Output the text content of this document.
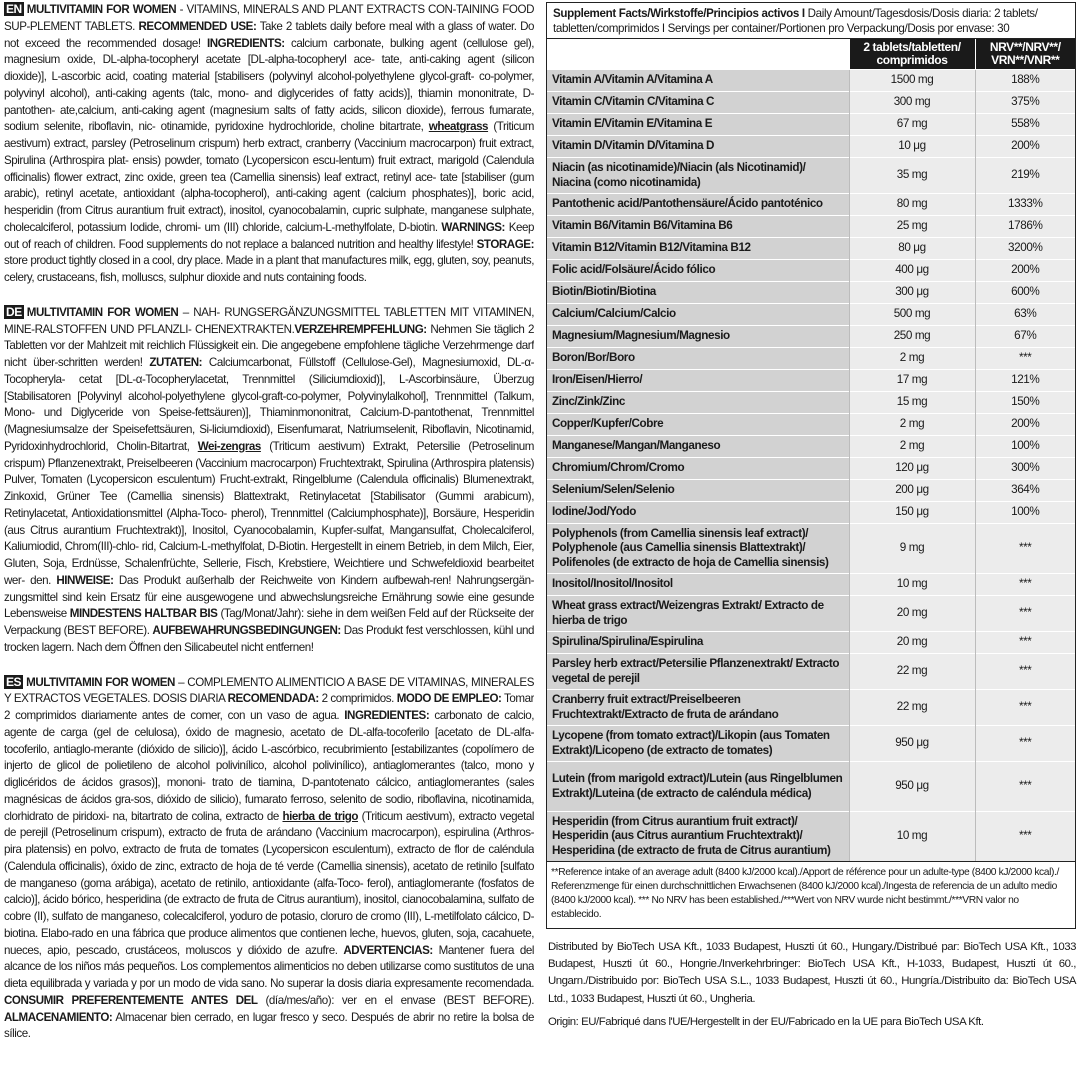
EN MULTIVITAMIN FOR WOMEN - VITAMINS, MINERALS AND PLANT EXTRACTS CON-TAINING FOOD SUP-PLEMENT TABLETS. RECOMMENDED USE: Take 2 tablets daily before meal with a glass of water. Do not exceed the recommended dosage! INGREDIENTS: calcium carbonate, bulking agent (cellulose gel), magnesium oxide, DL-alpha-tocopheryl acetate [DL-alpha-tocopheryl ace- tate, anti-caking agent (silicon dioxide)], L-ascorbic acid, coating material [stabilisers (polyvinyl alcohol-polyethylene glycol-graft- co-polymer, polyvinyl alcohol), anti-caking agents (talc, mono- and diglycerides of fatty acids)], thiamin mononitrate, D-pantothen- ate,calcium, anti-caking agent (magnesium salts of fatty acids, silicon dioxide), ferrous fumarate, sodium selenite, riboflavin, nic- otinamide, pyridoxine hydrochloride, choline bitartrate, wheatgrass (Triticum aestivum) extract, parsley (Petroselinum crispum) herb extract, cranberry (Vaccinium macrocarpon) fruit extract, Spirulina (Arthrospira plat- ensis) powder, tomato (Lycopersicon escu-lentum) fruit extract, marigold (Calendula officinalis) flower extract, zinc oxide, green tea (Camellia sinensis) leaf extract, retinyl ace- tate [stabiliser (gum arabic), retinyl acetate, antioxidant (alpha-tocopherol), anti-caking agent (calcium phosphates)], boric acid, hesperidin (from Citrus aurantium fruit extract), inositol, cyanocobalamin, cupric sulphate, manganese sulphate, cholecalciferol, potassium Iodide, chromi- um (III) chloride, calcium-L-methylfolate, D-biotin. WARNINGS: Keep out of reach of children. Food supplements do not replace a balanced nutrition and healthy lifestyle! STORAGE: store product tightly closed in a cool, dry place. Made in a plant that manufactures milk, egg, gluten, soy, peanuts, celery, crustaceans, fish, molluscs, sulphur dioxide and nuts containing foods.

DE MULTIVITAMIN FOR WOMEN – NAH- RUNGSERGÄNZUNGSMITTEL TABLETTEN MIT VITAMINEN, MINE-RALSTOFFEN UND PFLANZLI- CHENEXTRAKTEN.VERZEHREMPFEHLUNG: Nehmen Sie täglich 2 Tabletten vor der Mahlzeit mit reichlich Flüssigkeit ein. Die angegebene empfohlene tägliche Verzehrmenge darf nicht über-schritten werden! ZUTATEN: Calciumcarbonat, Füllstoff (Cellulose-Gel), Magnesiumoxid, DL-α-Tocopheryla- cetat [DL-α-Tocopherylacetat, Trennmittel (Siliciumdioxid)], L-Ascorbinsäure, Überzug [Stabilisatoren [Polyvinyl alcohol-polyethylene glycol-graft-co-polymer, Polyvinylalkohol], Trennmittel (Talkum, Mono- und Diglyceride von Speise-fettsäuren)], Thiaminmononitrat, Calcium-D-pantothenat, Trennmittel (Magnesiumsalze der Speisefettsäuren, Si-liciumdioxid), Eisenfumarat, Natriumselenit, Riboflavin, Nicotinamid, Pyridoxinhydrochlorid, Cholin-Bitartrat, Wei-zengras (Triticum aestivum) Extrakt, Petersilie (Petroselinum crispum) Pflanzenextrakt, Preiselbeeren (Vaccinium macrocarpon) Fruchtextrakt, Spirulina (Arthrospira platensis) Pulver, Tomaten (Lycopersicon esculentum) Frucht-extrakt, Ringelblume (Calendula officinalis) Blumenextrakt, Zinkoxid, Grüner Tee (Camellia sinensis) Blattextrakt, Retinylacetat [Stabilisator (Gummi arabicum), Retinylacetat, Antioxidationsmittel (Alpha-Toco- pherol), Trennmittel (Calciumphosphate)], Borsäure, Hesperidin (aus Citrus aurantium Fruchtextrakt)], Inositol, Cyanocobalamin, Kupfer-sulfat, Mangansulfat, Cholecalciferol, Kaliumiodid, Chrom(III)-chlo- rid, Calcium-L-methylfolat, D-Biotin. Hergestellt in einem Betrieb, in dem Milch, Eier, Gluten, Soja, Erdnüsse, Schalenfrüchte, Sellerie, Fisch, Krebstiere, Weichtiere und Schwefeldioxid bearbeitet wer- den. HINWEISE: Das Produkt außerhalb der Reichweite von Kindern aufbewah-ren! Nahrungsergän- zungsmittel sind kein Ersatz für eine ausgewogene und abwechslungsreiche Ernährung sowie eine gesunde Lebensweise MINDESTENS HALTBAR BIS (Tag/Monat/Jahr): siehe in dem weißen Feld auf der Rückseite der Verpackung (BEST BEFORE). AUFBEWAHRUNGSBEDINGUNGEN: Das Produkt fest verschlossen, kühl und trocken lagern. Nach dem Öffnen den Silicabeutel nicht entfernen!

ES MULTIVITAMIN FOR WOMEN – COMPLEMENTO ALIMENTICIO A BASE DE VITAMINAS, MINERALES Y EXTRACTOS VEGETALES. DOSIS DIARIA RECOMENDADA: 2 comprimidos. MODO DE EMPLEO: Tomar 2 comprimidos diariamente antes de comer, con un vaso de agua. INGREDIENTES: carbonato de calcio, agente de carga (gel de celulosa), óxido de magnesio, acetato de DL-alfa-tocoferilo [acetato de DL-alfa-tocoferilo, antiaglo-merante (dióxido de silicio)], ácido L-ascórbico, recubrimiento [estabilizantes (copolímero de injerto de glicol de polietileno de alcohol polivinílico, alcohol polivinílico), antiaglomerantes (talco, mono y diglicéridos de ácidos grasos)], mononi- trato de tiamina, D-pantotenato cálcico, antiaglomerantes (sales magnésicas de ácidos gra-sos, dióxido de silicio), fumarato ferroso, selenito de sodio, riboflavina, nicotinamida, clorhidrato de piridoxi- na, bitartrato de colina, extracto de hierba de trigo (Triticum aestivum), extracto vegetal de perejil (Petroselinum crispum), extracto de fruta de arándano (Vaccinium macrocarpon), espirulina (Arthros- pira platensis) en polvo, extracto de fruta de tomates (Lycopersicon esculentum), extracto de flor de caléndula (Calendula officinalis), óxido de zinc, extracto de hoja de té verde (Camellia sinensis), acetato de retinilo [sulfato de manganeso (goma arábiga), acetato de retinilo, antioxidante (alfa-Toco- ferol), antiaglomerante (fosfatos de calcio)], ácido bórico, hesperidina (de extracto de fruta de Citrus aurantium), inositol, cianocobalamina, sulfato de cobre (II), sulfato de manganeso, colecalciferol, yoduro de potasio, cloruro de cromo (III), L-metilfolato cálcico, D-biotina. Elabo-rado en una fábrica que produce alimentos que contienen leche, huevos, gluten, soja, cacahuete, nueces, apio, pescado, crustáceos, moluscos y dióxido de azufre. ADVERTENCIAS: Mantener fuera del alcance de los niños más pequeños. Los complementos alimenticios no deben utilizarse como sustitutos de una dieta equilibrada y variada y por un modo de vida sano. No superar la dosis diaria expresamente recomendada. CONSUMIR PREFERENTEMENTE ANTES DEL (día/mes/año): ver en el envase (BEST BEFORE). ALMACENAMIENTO: Almacenar bien cerrado, en lugar fresco y seco. Después de abrir no retire la bolsa de sílice.

Supplement Facts/Wirkstoffe/Principios activos I Daily Amount/Tagesdosis/Dosis diaria: 2 tablets/ tabletten/comprimidos I Servings per container/Portionen pro Verpackung/Dosis por envase: 30
	2 tablets/tabletten/ comprimidos	NRV**/NRV**/ VRN**/VNR**
Vitamin A/Vitamin A/Vitamina A	1500 mg	188%
Vitamin C/Vitamin C/Vitamina C	300 mg	375%
Vitamin E/Vitamin E/Vitamina E	67 mg	558%
Vitamin D/Vitamin D/Vitamina D	10 μg	200%
Niacin (as nicotinamide)/Niacin (als Nicotinamid)/ Niacina (como nicotinamida)	35 mg	219%
Pantothenic acid/Pantothensäure/Ácido pantoténico	80 mg	1333%
Vitamin B6/Vitamin B6/Vitamina B6	25 mg	1786%
Vitamin B12/Vitamin B12/Vitamina B12	80 μg	3200%
Folic acid/Folsäure/Ácido fólico	400 μg	200%
Biotin/Biotin/Biotina	300 μg	600%
Calcium/Calcium/Calcio	500 mg	63%
Magnesium/Magnesium/Magnesio	250 mg	67%
Boron/Bor/Boro	2 mg	***
Iron/Eisen/Hierro/	17 mg	121%
Zinc/Zink/Zinc	15 mg	150%
Copper/Kupfer/Cobre	2 mg	200%
Manganese/Mangan/Manganeso	2 mg	100%
Chromium/Chrom/Cromo	120 μg	300%
Selenium/Selen/Selenio	200 μg	364%
Iodine/Jod/Yodo	150 μg	100%
Polyphenols (from Camellia sinensis leaf extract)/ Polyphenole (aus Camellia sinensis Blattextrakt)/ Polifenoles (de extracto de hoja de Camellia sinensis)	9 mg	***
Inositol/Inositol/Inositol	10 mg	***
Wheat grass extract/Weizengras Extrakt/ Extracto de hierba de trigo	20 mg	***
Spirulina/Spirulina/Espirulina	20 mg	***
Parsley herb extract/Petersilie Pflanzenextrakt/ Extracto vegetal de perejil	22 mg	***
Cranberry fruit extract/Preiselbeeren Fruchtextrakt/Extracto de fruta de arándano	22 mg	***
Lycopene (from tomato extract)/Likopin (aus Tomaten Extrakt)/Licopeno (de extracto de tomates)	950 μg	***
Lutein (from marigold extract)/Lutein (aus Ringelblumen Extrakt)/Luteina (de extracto de caléndula médica)	950 μg	***
Hesperidin (from Citrus aurantium fruit extract)/ Hesperidin (aus Citrus aurantium Fruchtextrakt)/ Hesperidina (de extracto de fruta de Citrus aurantium)	10 mg	***
**Reference intake of an average adult (8400 kJ/2000 kcal)./Apport de référence pour un adulte-type (8400 kJ/2000 kcal)./ Referenzmenge für einen durchschnittlichen Erwachsenen (8400 kJ/2000 kcal)./Ingesta de referencia de un adulto medio (8400 kJ/2000 kcal). *** No NRV has been established./***Wert von NRV wurde nicht bestimmt./***VRN valor no establecido.
Distributed by BioTech USA Kft., 1033 Budapest, Huszti út 60., Hungary./Distribué par: BioTech USA Kft., 1033 Budapest, Huszti út 60., Hongrie./Inverkehrbringer: BioTech USA Kft., H-1033, Budapest, Huszti út 60., Ungarn./Distribuido por: BioTech USA S.L., 1033 Budapest, Huszti út 60., Hungría./Distribuito da: BioTech USA Ltd., 1033 Budapest, Huszti út 60., Ungheria.
Origin: EU/Fabriqué dans l'UE/Hergestellt in der EU/Fabricado en la UE para BioTech USA Kft.
